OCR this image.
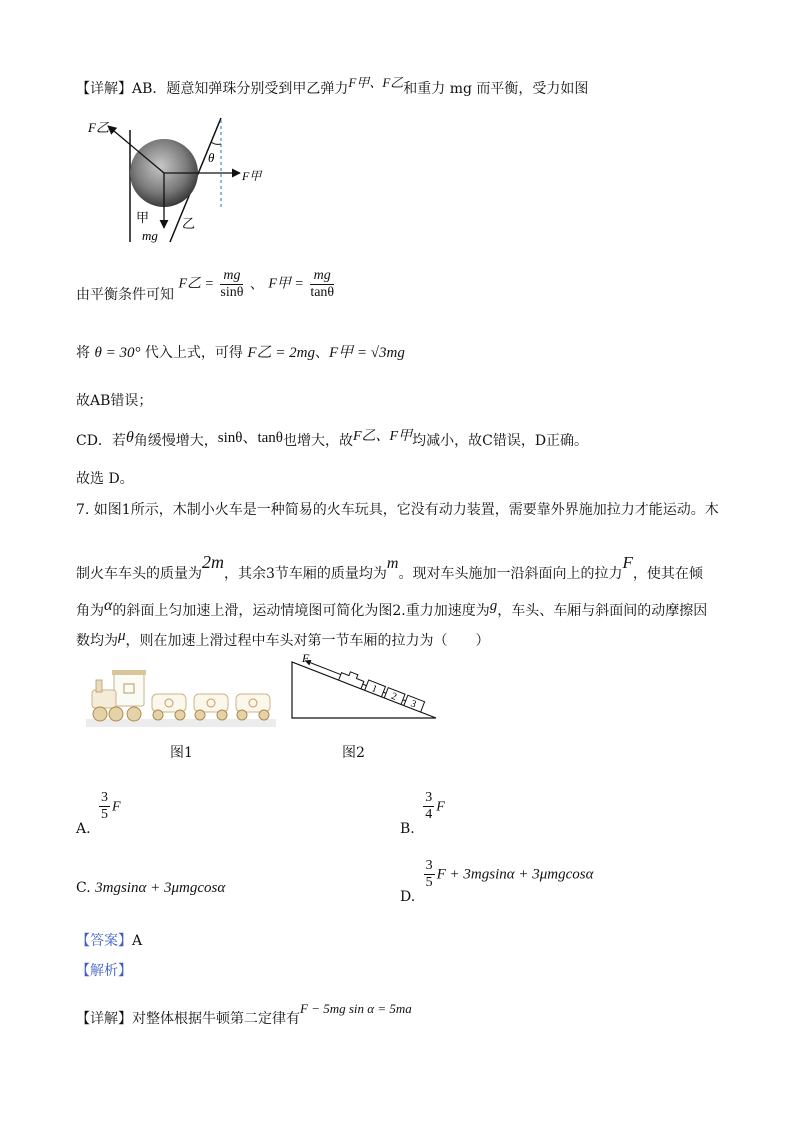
【详解】AB．题意知弹珠分别受到甲乙弹力F甲、F乙和重力 mg 而平衡，受力如图
F乙
θ
F甲
甲
mg
乙
由平衡条件可知 F乙 = $\frac{mg}{\sin\theta}$ 、 F甲 = $\frac{mg}{\tan\theta}$
将 θ = 30° 代入上式，可得 F乙 = 2mg、F甲 = √3mg
故AB错误；
CD．若θ角缓慢增大，sinθ、tanθ也增大，故F乙、F甲均减小，故C错误，D正确。
故选 D。
7. 如图1所示，木制小火车是一种简易的火车玩具，它没有动力装置，需要靠外界施加拉力才能运动。木
制火车车头的质量为2m，其余3节车厢的质量均为m。现对车头施加一沿斜面向上的拉力F，使其在倾
角为α的斜面上匀加速上滑，运动情境图可简化为图2.重力加速度为g，车头、车厢与斜面间的动摩擦因
数均为μ，则在加速上滑过程中车头对第一节车厢的拉力为（　　）
1
2
3
F
图1	图2
A.
$\frac{3}{5}$ F
B.
$\frac{3}{4}$ F
C. 3mgsinα + 3μmgcosα
D.
$\frac{3}{5}$ F + 3mgsinα + 3μmgcosα
【答案】A
【解析】
【详解】对整体根据牛顿第二定律有F − 5mg sin α = 5ma
